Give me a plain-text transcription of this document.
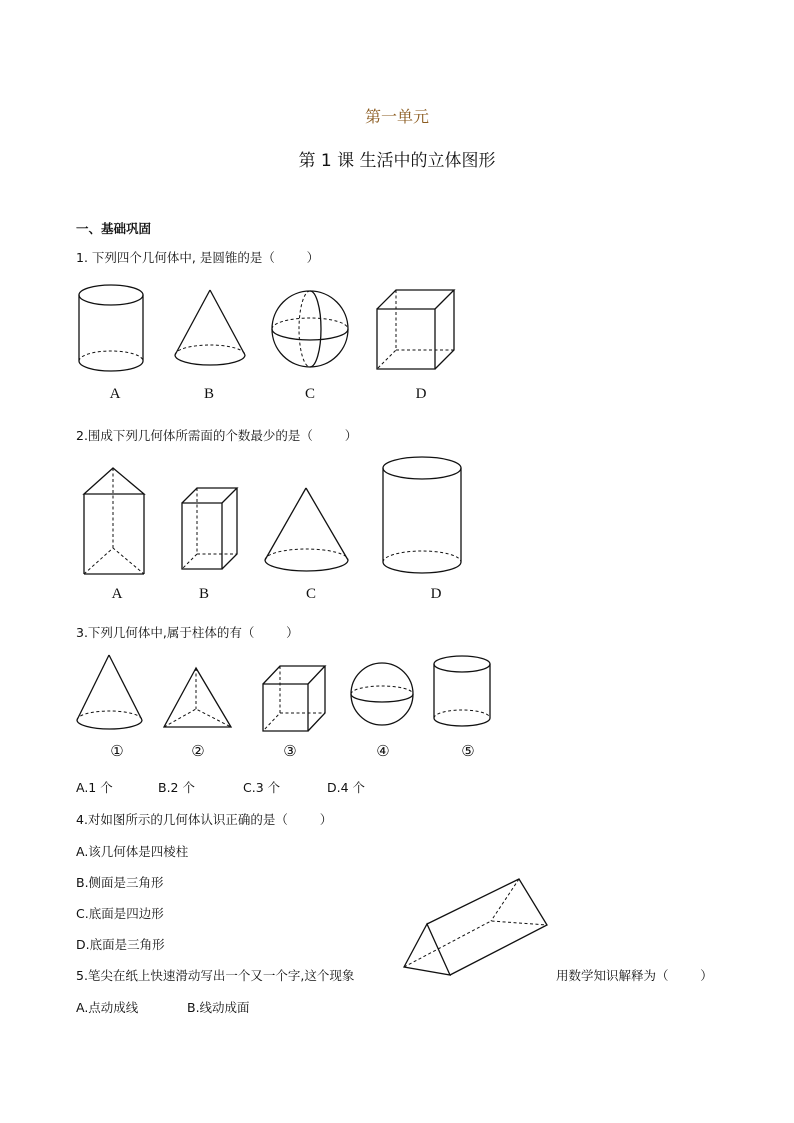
第一单元
第 1 课 生活中的立体图形
一、基础巩固
1. 下列四个几何体中, 是圆锥的是（        ）
A	B	C	D
2.围成下列几何体所需面的个数最少的是（        ）
A	B	C	D
3.下列几何体中,属于柱体的有（        ）
①	②	③	④	⑤
A.1 个	B.2 个	C.3 个	D.4 个
4.对如图所示的几何体认识正确的是（        ）
A.该几何体是四棱柱
B.侧面是三角形
C.底面是四边形
D.底面是三角形
5.笔尖在纸上快速滑动写出一个又一个字,这个现象	用数学知识解释为（        ）
A.点动成线	B.线动成面
